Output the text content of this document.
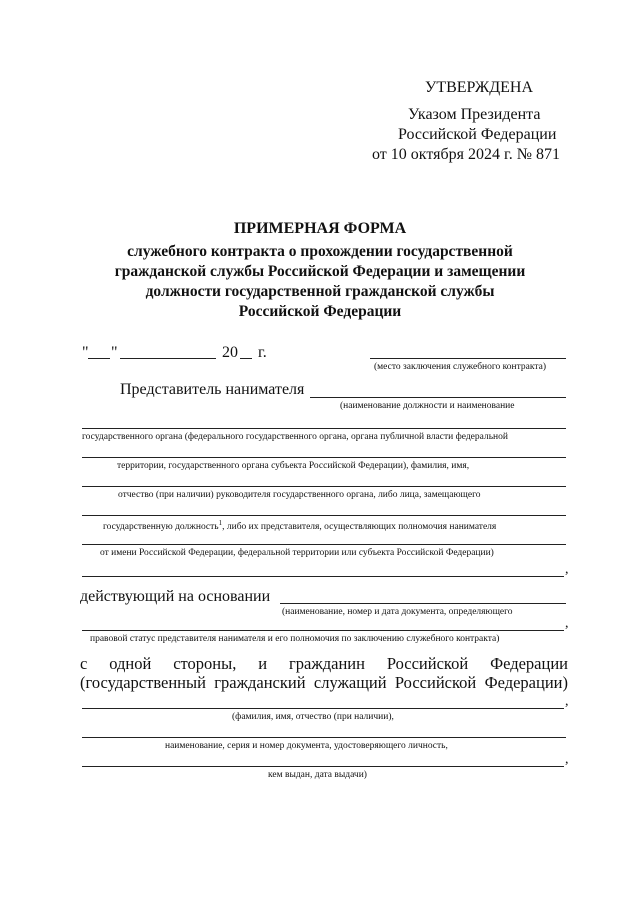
УТВЕРЖДЕНА
Указом Президента
Российской Федерации
от 10 октября 2024 г. № 871
ПРИМЕРНАЯ ФОРМА
служебного контракта о прохождении государственной
гражданской службы Российской Федерации и замещении
должности государственной гражданской службы
Российской Федерации
" "	20 г.
(место заключения служебного контракта)
Представитель нанимателя
(наименование должности и наименование
государственного органа (федерального государственного органа, органа публичной власти федеральной
территории, государственного органа субъекта Российской Федерации), фамилия, имя,
отчество (при наличии) руководителя государственного органа, либо лица, замещающего
государственную должность$^1$, либо их представителя, осуществляющих полномочия нанимателя
от имени Российской Федерации, федеральной территории или субъекта Российской Федерации)
,
действующий на основании
(наименование, номер и дата документа, определяющего
,
правовой статус представителя нанимателя и его полномочия по заключению служебного контракта)
с одной стороны, и гражданин Российской Федерации
(государственный гражданский служащий Российской Федерации)
,
(фамилия, имя, отчество (при наличии),
наименование, серия и номер документа, удостоверяющего личность,
,
кем выдан, дата выдачи)
